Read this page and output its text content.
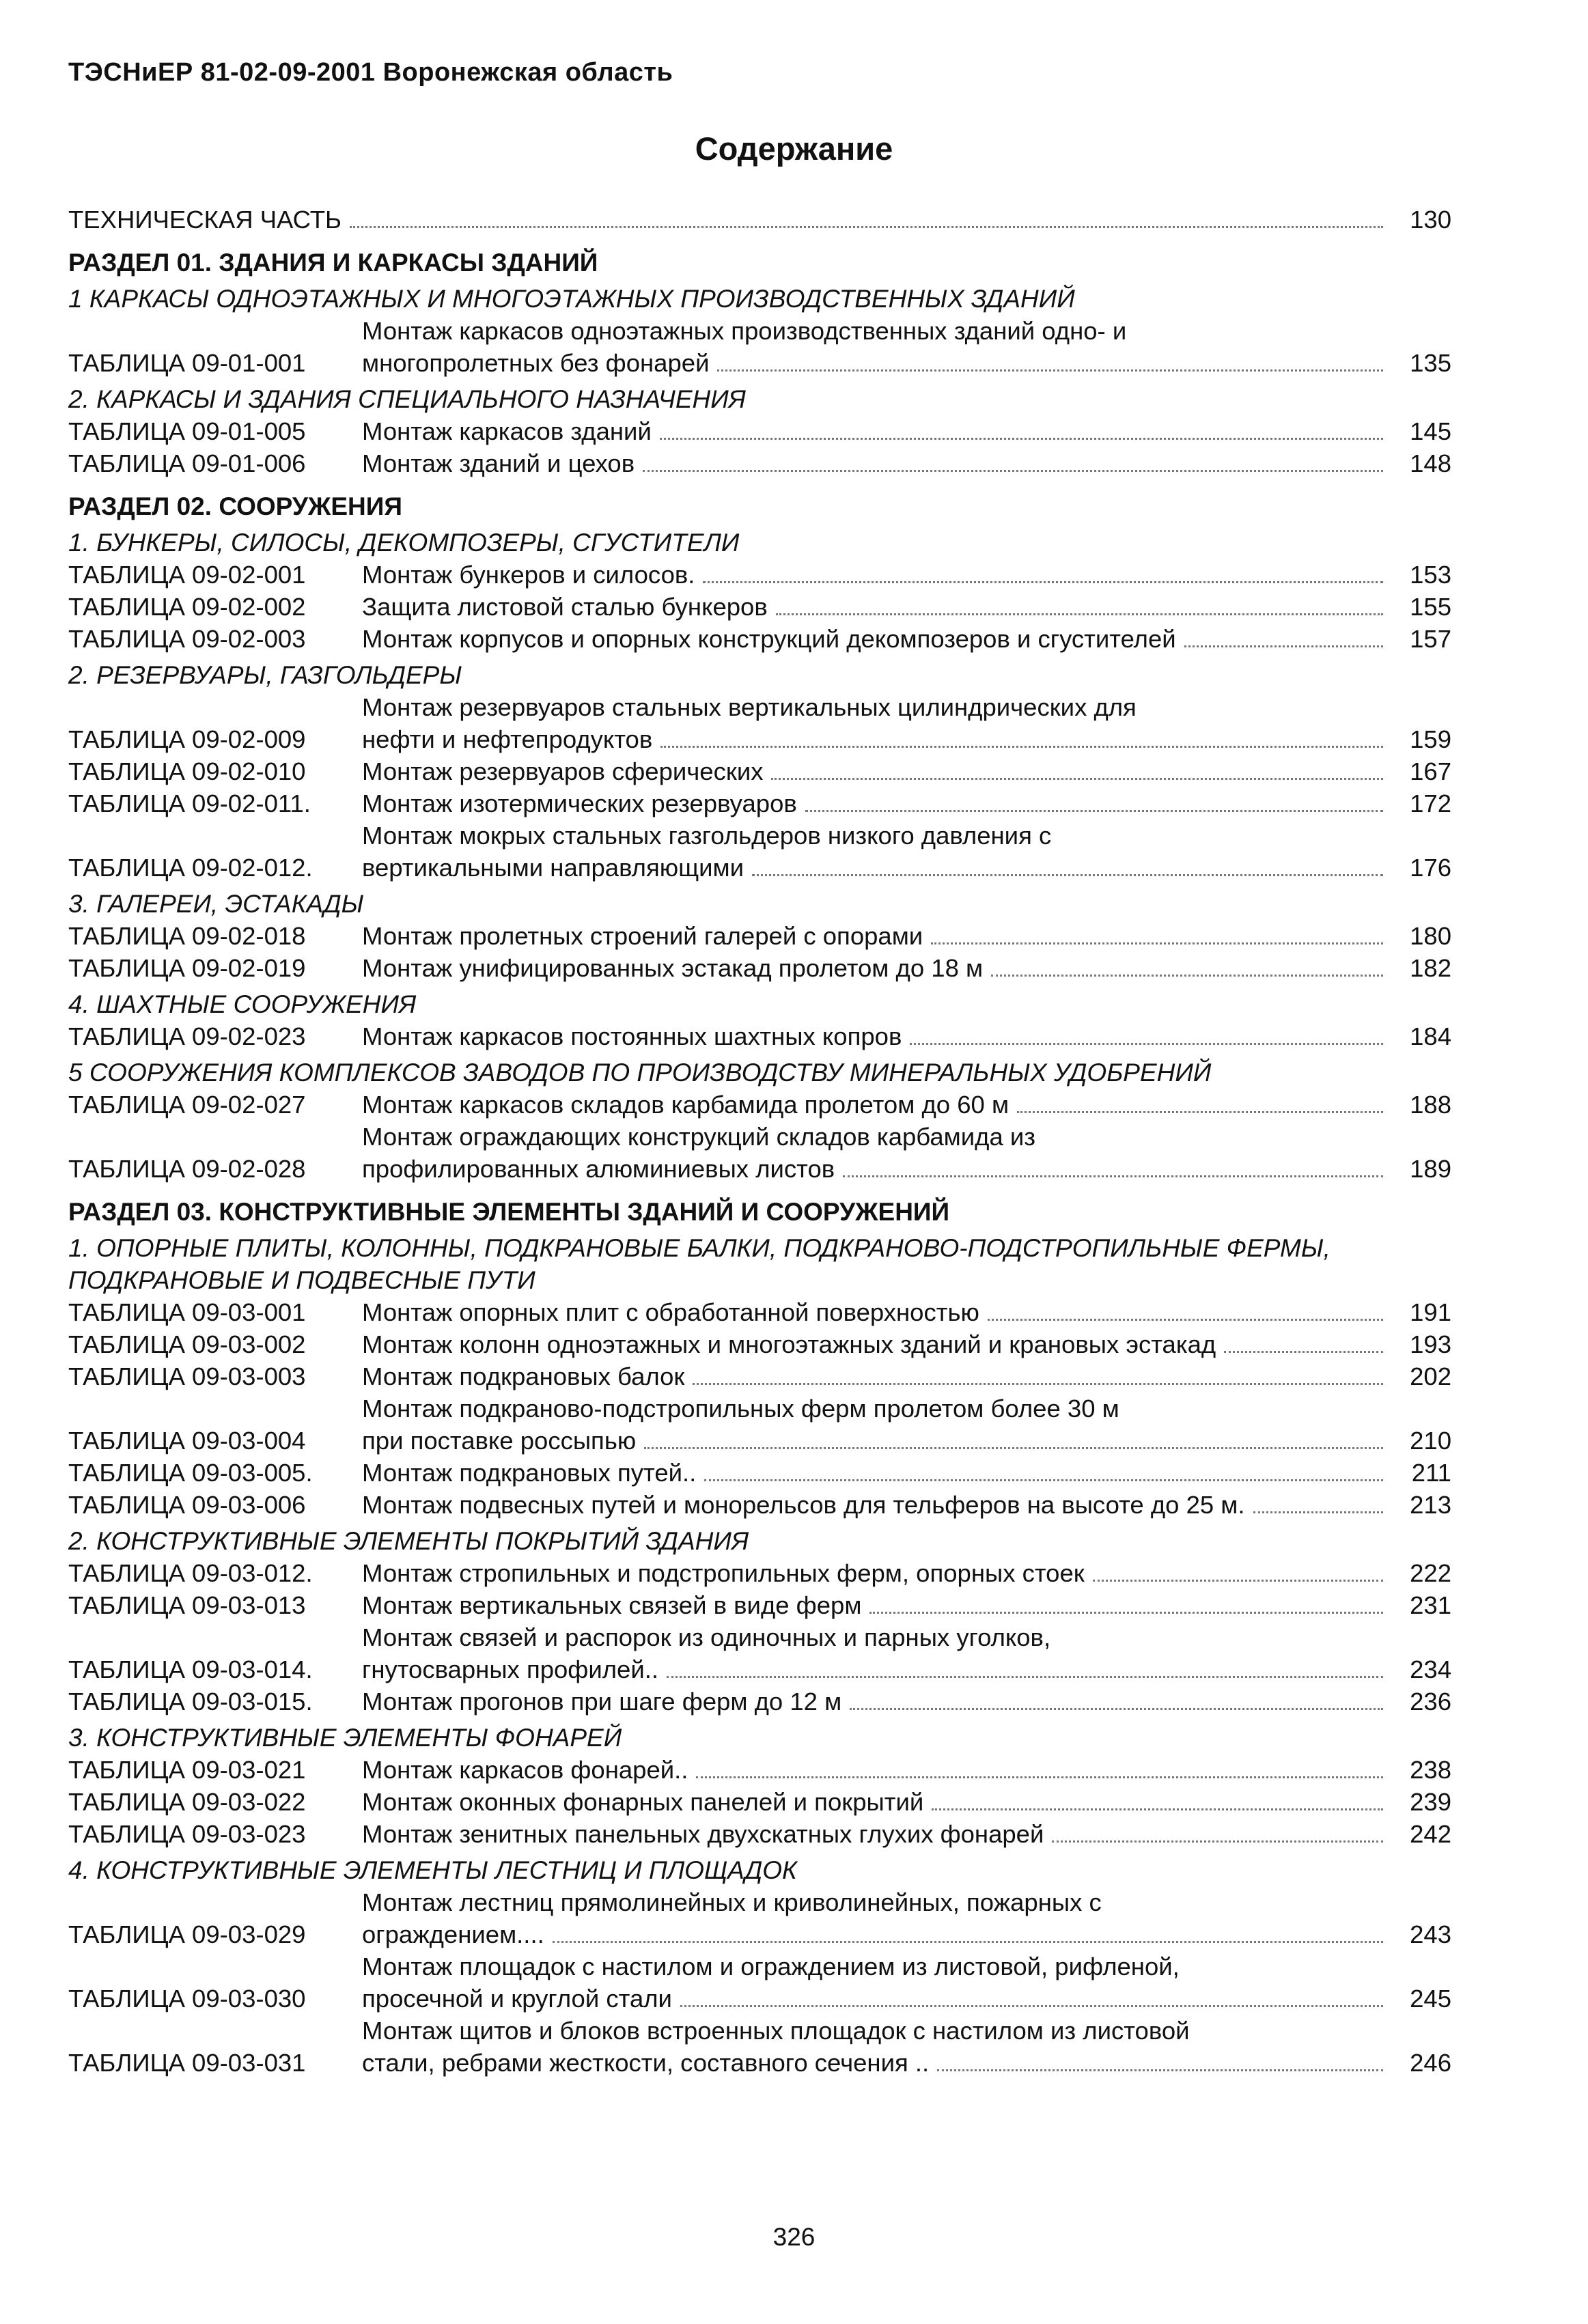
ТЭСНиЕР 81-02-09-2001 Воронежская область
Содержание
ТЕХНИЧЕСКАЯ ЧАСТЬ	130
РАЗДЕЛ 01. ЗДАНИЯ И КАРКАСЫ ЗДАНИЙ
1 КАРКАСЫ ОДНОЭТАЖНЫХ И МНОГОЭТАЖНЫХ ПРОИЗВОДСТВЕННЫХ ЗДАНИЙ
ТАБЛИЦА 09-01-001
Монтаж каркасов одноэтажных производственных зданий одно- и
многопролетных без фонарей	135
2. КАРКАСЫ И ЗДАНИЯ СПЕЦИАЛЬНОГО НАЗНАЧЕНИЯ
ТАБЛИЦА 09-01-005	Монтаж каркасов зданий	145
ТАБЛИЦА 09-01-006	Монтаж зданий и цехов	148
РАЗДЕЛ 02. СООРУЖЕНИЯ
1. БУНКЕРЫ, СИЛОСЫ, ДЕКОМПОЗЕРЫ, СГУСТИТЕЛИ
ТАБЛИЦА 09-02-001	Монтаж бункеров и силосов.	153
ТАБЛИЦА 09-02-002	Защита листовой сталью бункеров	155
ТАБЛИЦА 09-02-003	Монтаж корпусов и опорных конструкций декомпозеров и сгустителей	157
2. РЕЗЕРВУАРЫ, ГАЗГОЛЬДЕРЫ
ТАБЛИЦА 09-02-009
Монтаж резервуаров стальных вертикальных цилиндрических для
нефти и нефтепродуктов	159
ТАБЛИЦА 09-02-010	Монтаж резервуаров сферических	167
ТАБЛИЦА 09-02-011.	Монтаж изотермических резервуаров	172
ТАБЛИЦА 09-02-012.
Монтаж мокрых стальных газгольдеров низкого давления с
вертикальными направляющими	176
3. ГАЛЕРЕИ, ЭСТАКАДЫ
ТАБЛИЦА 09-02-018	Монтаж пролетных строений галерей с опорами	180
ТАБЛИЦА 09-02-019	Монтаж унифицированных эстакад пролетом до 18 м	182
4. ШАХТНЫЕ СООРУЖЕНИЯ
ТАБЛИЦА 09-02-023	Монтаж каркасов постоянных шахтных копров	184
5 СООРУЖЕНИЯ КОМПЛЕКСОВ ЗАВОДОВ ПО ПРОИЗВОДСТВУ МИНЕРАЛЬНЫХ УДОБРЕНИЙ
ТАБЛИЦА 09-02-027	Монтаж каркасов складов карбамида пролетом до 60 м	188
ТАБЛИЦА 09-02-028
Монтаж ограждающих конструкций складов карбамида из
профилированных алюминиевых листов	189
РАЗДЕЛ 03. КОНСТРУКТИВНЫЕ ЭЛЕМЕНТЫ ЗДАНИЙ И СООРУЖЕНИЙ
1. ОПОРНЫЕ ПЛИТЫ, КОЛОННЫ, ПОДКРАНОВЫЕ БАЛКИ, ПОДКРАНОВО-ПОДСТРОПИЛЬНЫЕ ФЕРМЫ, ПОДКРАНОВЫЕ И ПОДВЕСНЫЕ ПУТИ
ТАБЛИЦА 09-03-001	Монтаж опорных плит с обработанной поверхностью	191
ТАБЛИЦА 09-03-002	Монтаж колонн одноэтажных и многоэтажных зданий и крановых эстакад	193
ТАБЛИЦА 09-03-003	Монтаж подкрановых балок	202
ТАБЛИЦА 09-03-004
Монтаж подкраново-подстропильных ферм пролетом более 30 м
при поставке россыпью	210
ТАБЛИЦА 09-03-005.	Монтаж подкрановых путей..	211
ТАБЛИЦА 09-03-006	Монтаж подвесных путей и монорельсов для тельферов на высоте до 25 м.	213
2. КОНСТРУКТИВНЫЕ ЭЛЕМЕНТЫ ПОКРЫТИЙ ЗДАНИЯ
ТАБЛИЦА 09-03-012.	Монтаж стропильных и подстропильных ферм, опорных стоек	222
ТАБЛИЦА 09-03-013	Монтаж вертикальных связей в виде ферм	231
ТАБЛИЦА 09-03-014.
Монтаж связей и распорок из одиночных и парных уголков,
гнутосварных профилей..	234
ТАБЛИЦА 09-03-015.	Монтаж прогонов при шаге ферм до 12 м	236
3. КОНСТРУКТИВНЫЕ ЭЛЕМЕНТЫ ФОНАРЕЙ
ТАБЛИЦА 09-03-021	Монтаж каркасов фонарей..	238
ТАБЛИЦА 09-03-022	Монтаж оконных фонарных панелей и покрытий	239
ТАБЛИЦА 09-03-023	Монтаж зенитных панельных двухскатных глухих фонарей	242
4. КОНСТРУКТИВНЫЕ ЭЛЕМЕНТЫ ЛЕСТНИЦ И ПЛОЩАДОК
ТАБЛИЦА 09-03-029
Монтаж лестниц прямолинейных и криволинейных, пожарных с
ограждением....	243
ТАБЛИЦА 09-03-030
Монтаж площадок с настилом и ограждением из листовой, рифленой,
просечной и круглой стали	245
ТАБЛИЦА 09-03-031
Монтаж щитов и блоков встроенных площадок с настилом из листовой
стали, ребрами жесткости, составного сечения ..	246
326
